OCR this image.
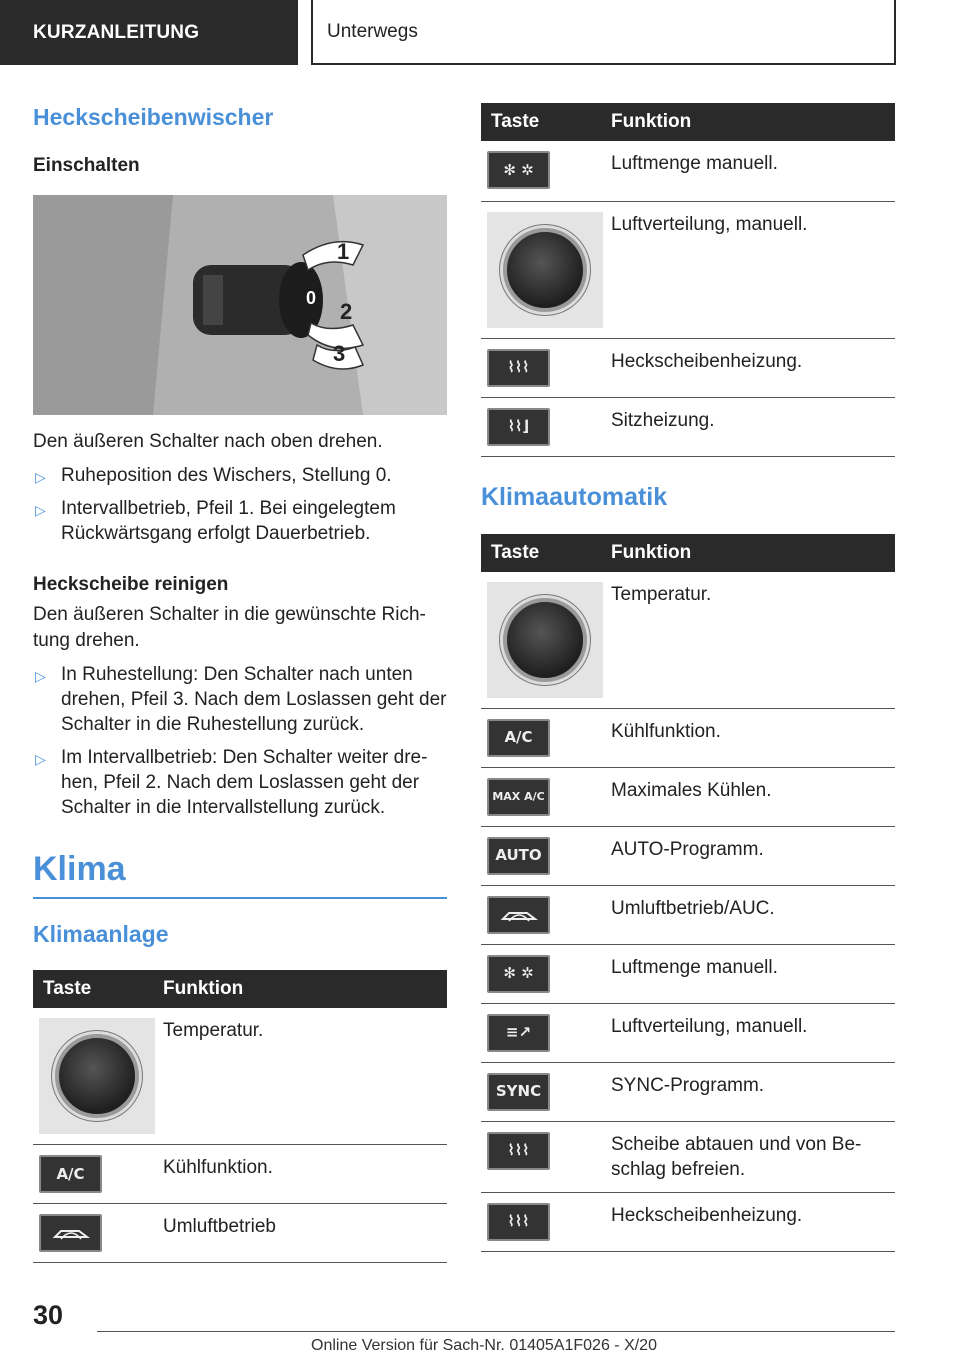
KURZANLEITUNG	Unterwegs
Heckscheibenwischer
Einschalten
1
0
2
3

Den äußeren Schalter nach oben drehen.

▷ Ruheposition des Wischers, Stellung 0.
▷ Intervallbetrieb, Pfeil 1. Bei eingelegtem Rückwärtsgang erfolgt Dauerbetrieb.
Heckscheibe reinigen

Den äußeren Schalter in die gewünschte Rich‐ tung drehen.

▷ In Ruhestellung: Den Schalter nach unten drehen, Pfeil 3. Nach dem Loslassen geht der Schalter in die Ruhestellung zurück.
▷ Im Intervallbetrieb: Den Schalter weiter dre‐ hen, Pfeil 2. Nach dem Loslassen geht der Schalter in die Intervallstellung zurück.
Klima
Klimaanlage
Taste	Funktion

	Temperatur.

A/C	Kühlfunktion.

	Umluftbetrieb
Taste	Funktion

✻ ✲	Luftmenge manuell.

	Luftverteilung, manuell.

⌇⌇⌇	Heckscheibenheizung.

⌇⌇⌋	Sitzheizung.
Klimaautomatik
Taste	Funktion

	Temperatur.

A/C	Kühlfunktion.

MAX A/C	Maximales Kühlen.

AUTO	AUTO-Programm.

	Umluftbetrieb/AUC.

✻ ✲	Luftmenge manuell.

≡↗	Luftverteilung, manuell.

SYNC	SYNC-Programm.

⌇⌇⌇	Scheibe abtauen und von Be‐ schlag befreien.

⌇⌇⌇	Heckscheibenheizung.
30
Online Version für Sach-Nr. 01405A1F026 - X/20
